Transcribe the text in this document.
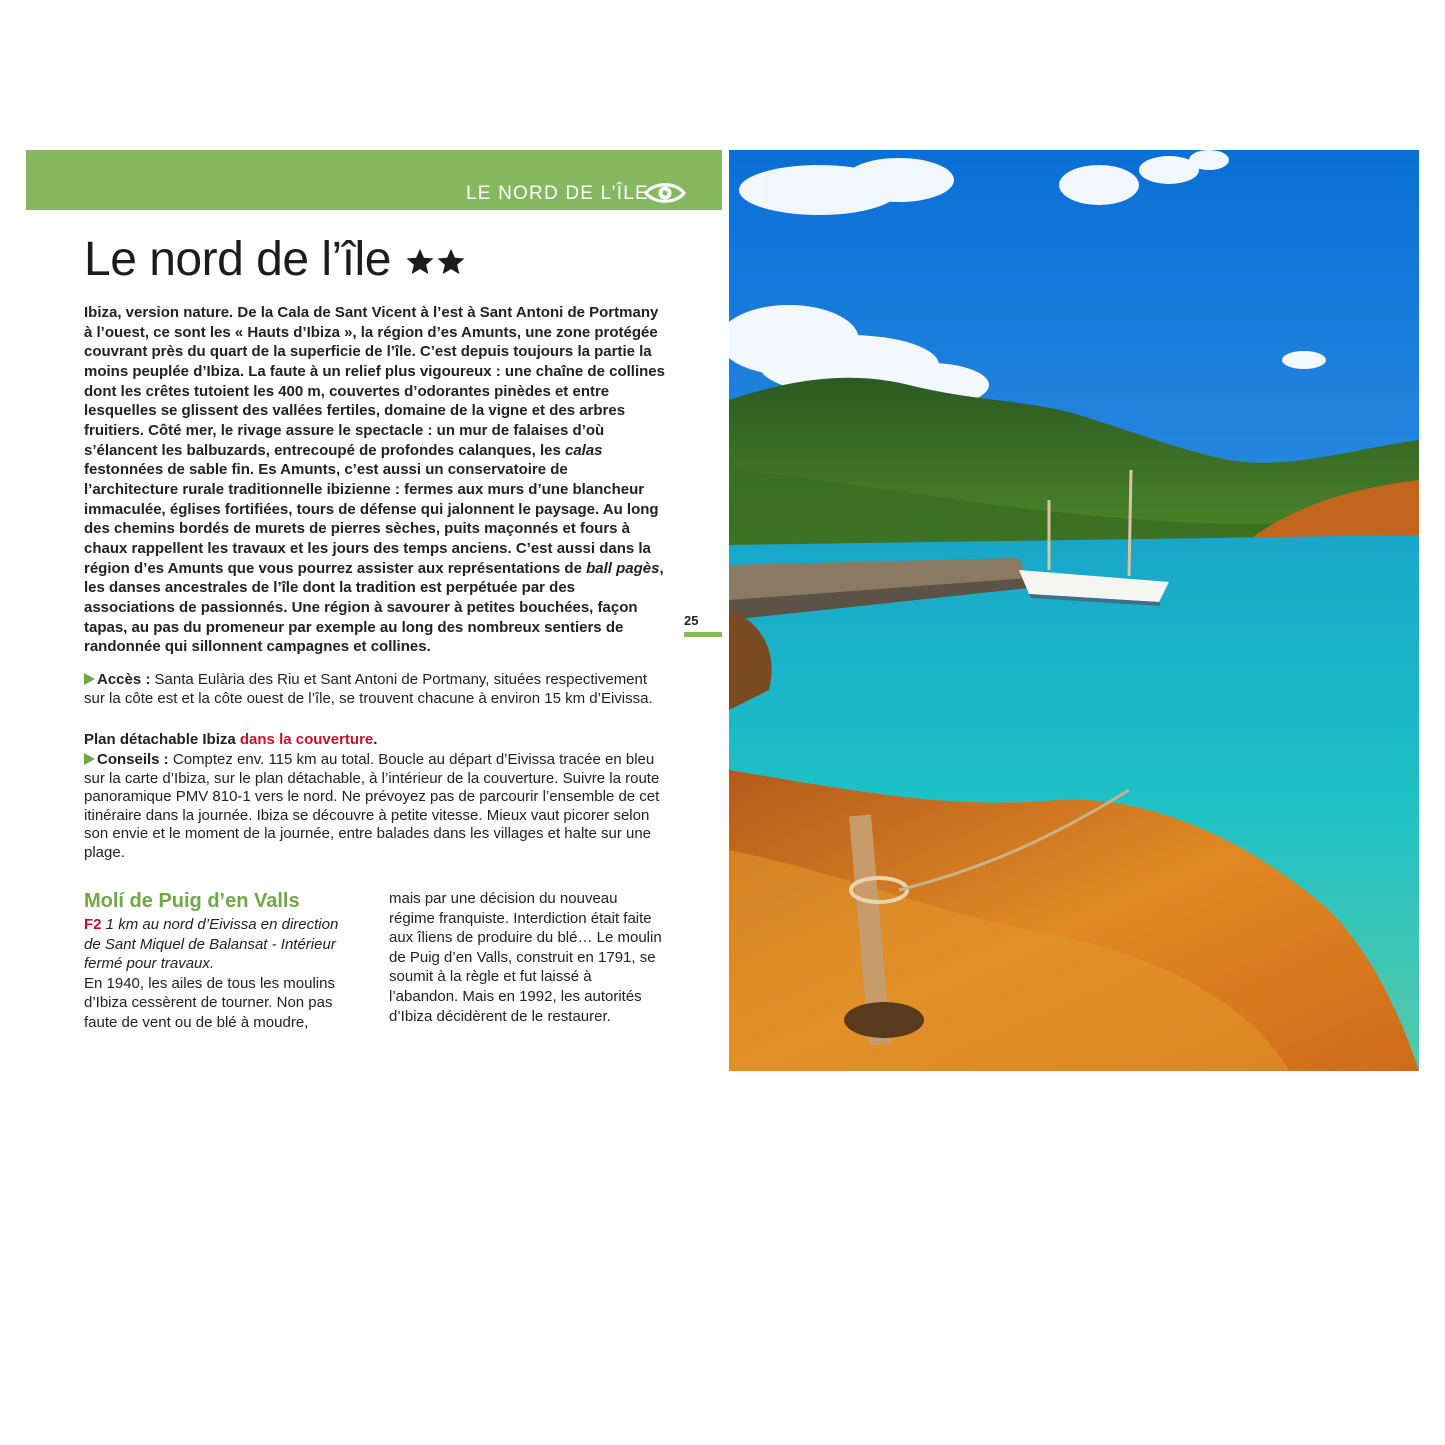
LE NORD DE L’ÎLE
Le nord de l’île

Ibiza, version nature. De la Cala de Sant Vicent à l’est à Sant Antoni de Portmany à l’ouest, ce sont les « Hauts d’Ibiza », la région d’es Amunts, une zone protégée couvrant près du quart de la superficie de l’île. C’est depuis toujours la partie la moins peuplée d’Ibiza. La faute à un relief plus vigoureux : une chaîne de collines dont les crêtes tutoient les 400 m, couvertes d’odorantes pinèdes et entre lesquelles se glissent des vallées fertiles, domaine de la vigne et des arbres fruitiers. Côté mer, le rivage assure le spectacle : un mur de falaises d’où s’élancent les balbuzards, entrecoupé de profondes calanques, les calas festonnées de sable fin. Es Amunts, c’est aussi un conservatoire de l’architecture rurale traditionnelle ibizienne : fermes aux murs d’une blancheur immaculée, églises fortifiées, tours de défense qui jalonnent le paysage. Au long des chemins bordés de murets de pierres sèches, puits maçonnés et fours à chaux rappellent les travaux et les jours des temps anciens. C’est aussi dans la région d’es Amunts que vous pourrez assister aux représentations de ball pagès, les danses ancestrales de l’île dont la tradition est perpétuée par des associations de passionnés. Une région à savourer à petites bouchées, façon tapas, au pas du promeneur par exemple au long des nombreux sentiers de randonnée qui sillonnent campagnes et collines.

Accès : Santa Eulària des Riu et Sant Antoni de Portmany, situées respectivement sur la côte est et la côte ouest de l’île, se trouvent chacune à environ 15 km d’Eivissa.
Plan détachable Ibiza dans la couverture.
Conseils : Comptez env. 115 km au total. Boucle au départ d’Eivissa tracée en bleu sur la carte d’Ibiza, sur le plan détachable, à l’intérieur de la couverture. Suivre la route panoramique PMV 810-1 vers le nord. Ne prévoyez pas de parcourir l’ensemble de cet itinéraire dans la journée. Ibiza se découvre à petite vitesse. Mieux vaut picorer selon son envie et le moment de la journée, entre balades dans les villages et halte sur une plage.
Molí de Puig d’en Valls
F2 1 km au nord d’Eivissa en direction de Sant Miquel de Balansat - Intérieur fermé pour travaux.
En 1940, les ailes de tous les moulins d’Ibiza cessèrent de tourner. Non pas faute de vent ou de blé à moudre,
mais par une décision du nouveau régime franquiste. Interdiction était faite aux îliens de produire du blé… Le moulin de Puig d’en Valls, construit en 1791, se soumit à la règle et fut laissé à l’abandon. Mais en 1992, les autorités d’Ibiza décidèrent de le restaurer.
25
